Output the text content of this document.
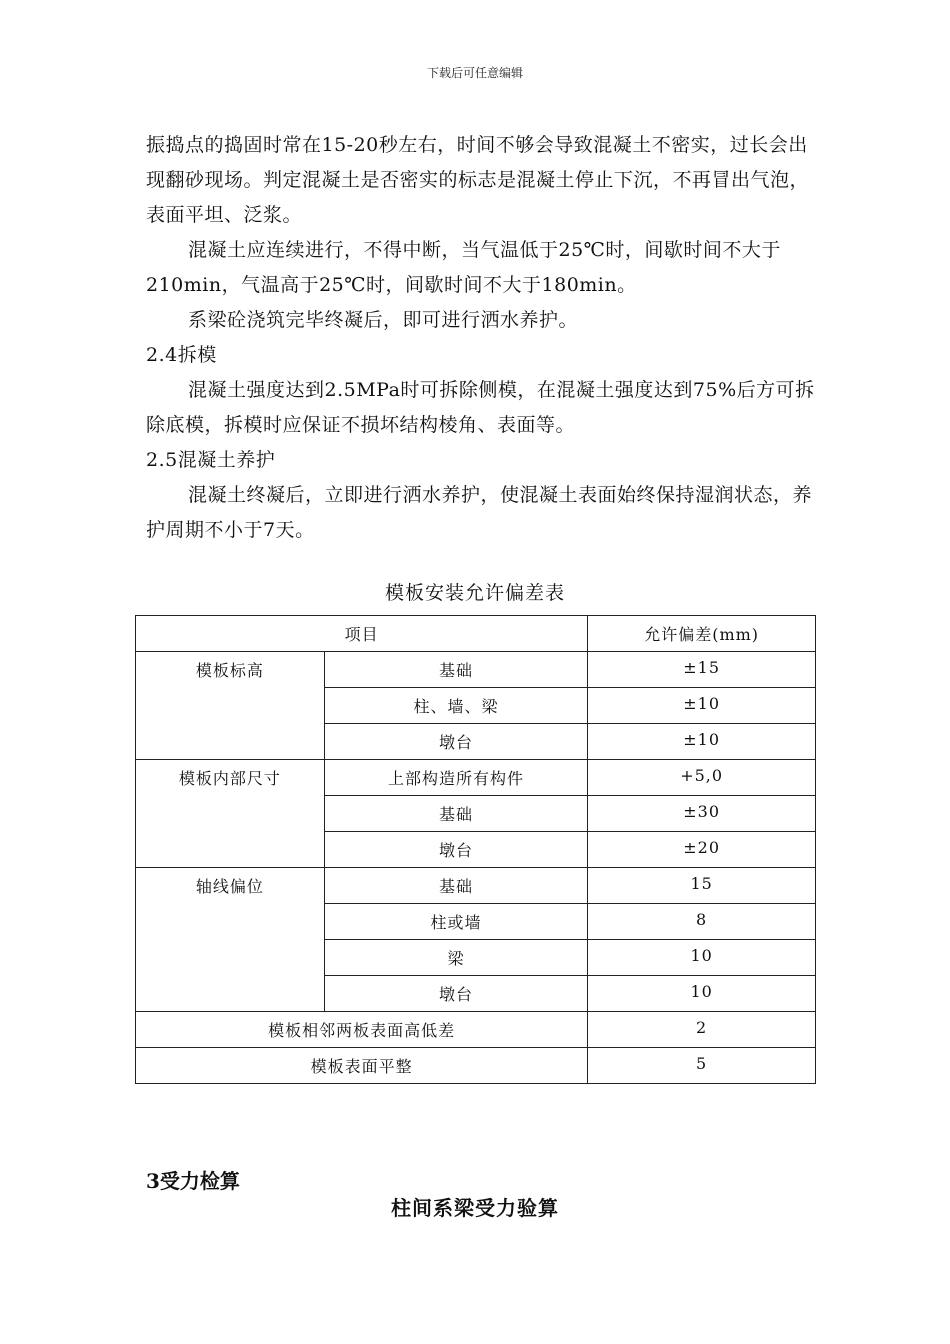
下载后可任意编辑

振捣点的捣固时常在15-20秒左右，时间不够会导致混凝土不密实，过长会出现翻砂现场。判定混凝土是否密实的标志是混凝土停止下沉，不再冒出气泡，表面平坦、泛浆。

混凝土应连续进行，不得中断，当气温低于25℃时，间歇时间不大于210min，气温高于25℃时，间歇时间不大于180min。

系梁砼浇筑完毕终凝后，即可进行洒水养护。

2.4拆模

混凝土强度达到2.5MPa时可拆除侧模，在混凝土强度达到75%后方可拆除底模，拆模时应保证不损坏结构棱角、表面等。

2.5混凝土养护

混凝土终凝后，立即进行洒水养护，使混凝土表面始终保持湿润状态，养护周期不小于7天。

模板安装允许偏差表
项目		允许偏差(mm)
模板标高	基础	±15
	柱、墙、梁	±10
	墩台	±10
模板内部尺寸	上部构造所有构件	+5,0
	基础	±30
	墩台	±20
轴线偏位	基础	15
	柱或墙	8
	梁	10
	墩台	10
模板相邻两板表面高低差		2
模板表面平整		5
3受力检算
柱间系梁受力验算
